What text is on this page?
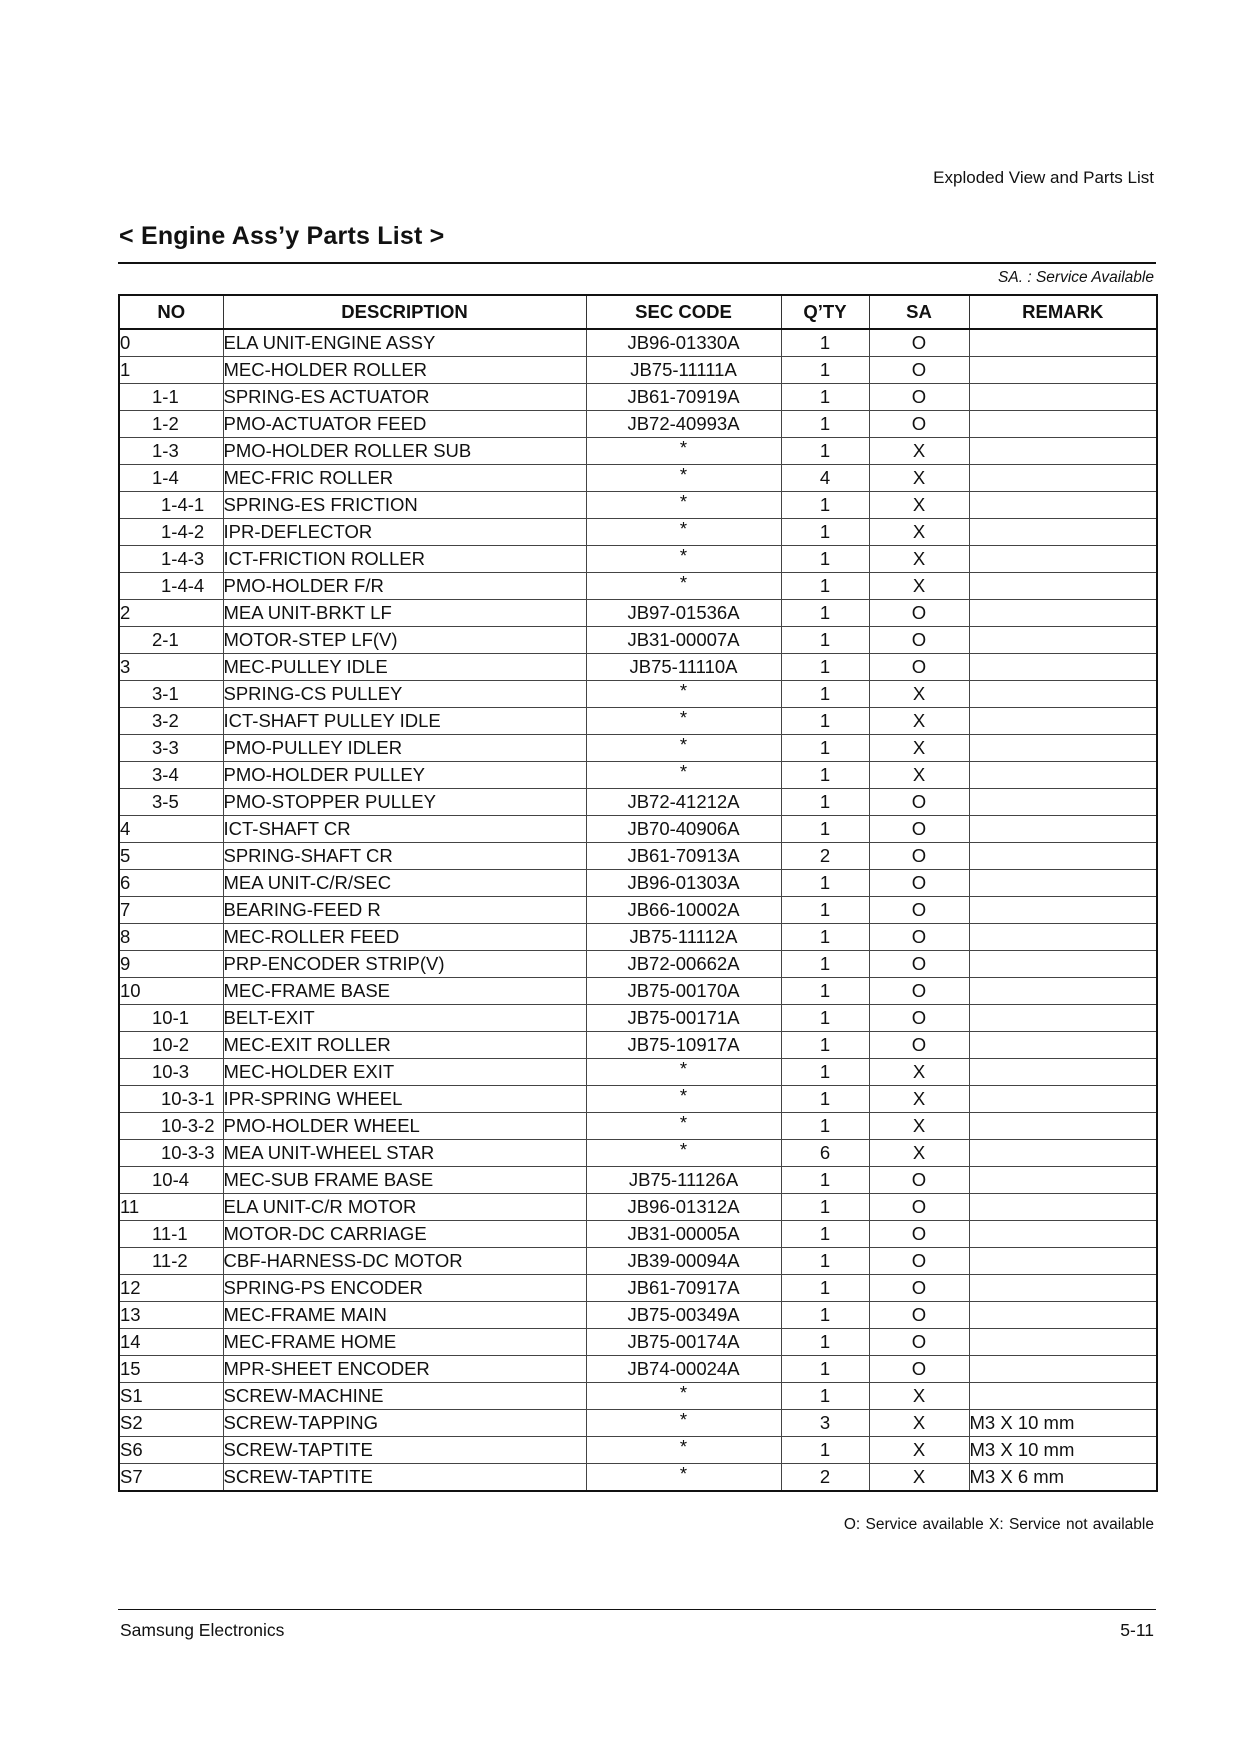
Exploded View and Parts List
< Engine Ass’y Parts List >
SA. : Service Available
NO	DESCRIPTION	SEC CODE	Q’TY	SA	REMARK
0	ELA UNIT-ENGINE ASSY	JB96-01330A	1	O	
1	MEC-HOLDER ROLLER	JB75-11111A	1	O	
1-1	SPRING-ES ACTUATOR	JB61-70919A	1	O	
1-2	PMO-ACTUATOR FEED	JB72-40993A	1	O	
1-3	PMO-HOLDER ROLLER SUB	*	1	X	
1-4	MEC-FRIC ROLLER	*	4	X	
1-4-1	SPRING-ES FRICTION	*	1	X	
1-4-2	IPR-DEFLECTOR	*	1	X	
1-4-3	ICT-FRICTION ROLLER	*	1	X	
1-4-4	PMO-HOLDER F/R	*	1	X	
2	MEA UNIT-BRKT LF	JB97-01536A	1	O	
2-1	MOTOR-STEP LF(V)	JB31-00007A	1	O	
3	MEC-PULLEY IDLE	JB75-11110A	1	O	
3-1	SPRING-CS PULLEY	*	1	X	
3-2	ICT-SHAFT PULLEY IDLE	*	1	X	
3-3	PMO-PULLEY IDLER	*	1	X	
3-4	PMO-HOLDER PULLEY	*	1	X	
3-5	PMO-STOPPER PULLEY	JB72-41212A	1	O	
4	ICT-SHAFT CR	JB70-40906A	1	O	
5	SPRING-SHAFT CR	JB61-70913A	2	O	
6	MEA UNIT-C/R/SEC	JB96-01303A	1	O	
7	BEARING-FEED R	JB66-10002A	1	O	
8	MEC-ROLLER FEED	JB75-11112A	1	O	
9	PRP-ENCODER STRIP(V)	JB72-00662A	1	O	
10	MEC-FRAME BASE	JB75-00170A	1	O	
10-1	BELT-EXIT	JB75-00171A	1	O	
10-2	MEC-EXIT ROLLER	JB75-10917A	1	O	
10-3	MEC-HOLDER EXIT	*	1	X	
10-3-1	IPR-SPRING WHEEL	*	1	X	
10-3-2	PMO-HOLDER WHEEL	*	1	X	
10-3-3	MEA UNIT-WHEEL STAR	*	6	X	
10-4	MEC-SUB FRAME BASE	JB75-11126A	1	O	
11	ELA UNIT-C/R MOTOR	JB96-01312A	1	O	
11-1	MOTOR-DC CARRIAGE	JB31-00005A	1	O	
11-2	CBF-HARNESS-DC MOTOR	JB39-00094A	1	O	
12	SPRING-PS ENCODER	JB61-70917A	1	O	
13	MEC-FRAME MAIN	JB75-00349A	1	O	
14	MEC-FRAME HOME	JB75-00174A	1	O	
15	MPR-SHEET ENCODER	JB74-00024A	1	O	
S1	SCREW-MACHINE	*	1	X	
S2	SCREW-TAPPING	*	3	X	M3 X 10 mm
S6	SCREW-TAPTITE	*	1	X	M3 X 10 mm
S7	SCREW-TAPTITE	*	2	X	M3 X 6 mm
O: Service available X: Service not available
Samsung Electronics	5-11
